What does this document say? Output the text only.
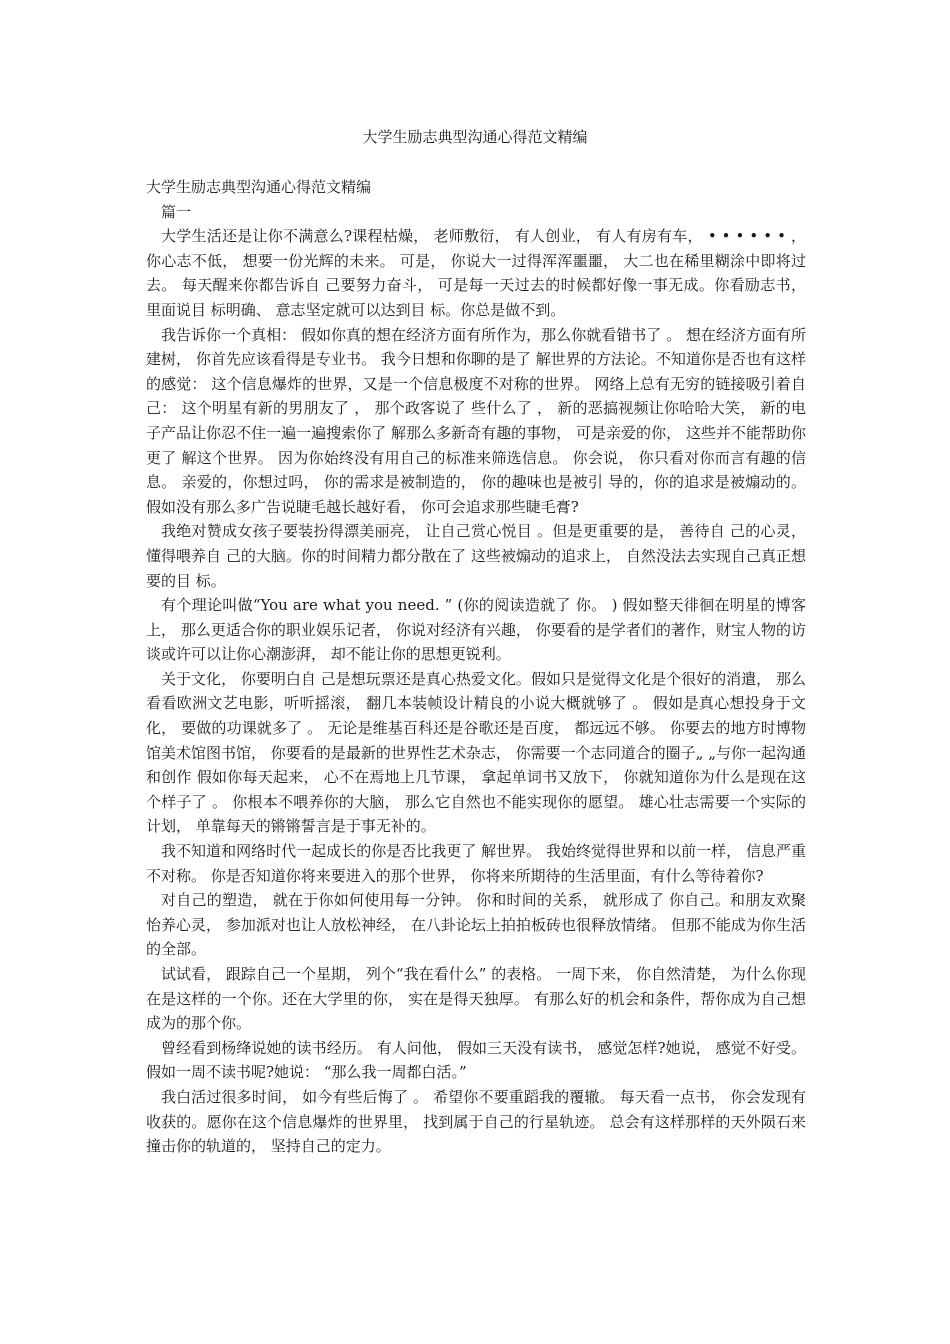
大学生励志典型沟通心得范文精编

大学生励志典型沟通心得范文精编

篇一

大学生活还是让你不满意么?课程枯燥， 老师敷衍， 有人创业， 有人有房有车， • • • • • • ，你心志不低， 想要一份光辉的未来。 可是， 你说大一过得浑浑噩噩， 大二也在稀里糊涂中即将过去。 每天醒来你都告诉自 己要努力奋斗， 可是每一天过去的时候都好像一事无成。你看励志书， 里面说目 标明确、 意志坚定就可以达到目 标。你总是做不到。

我告诉你一个真相： 假如你真的想在经济方面有所作为，那么你就看错书了 。 想在经济方面有所建树， 你首先应该看得是专业书。 我今日想和你聊的是了 解世界的方法论。不知道你是否也有这样的感觉： 这个信息爆炸的世界，又是一个信息极度不对称的世界。 网络上总有无穷的链接吸引着自己： 这个明星有新的男朋友了 ， 那个政客说了 些什么了 ， 新的恶搞视频让你哈哈大笑， 新的电子产品让你忍不住一遍一遍搜索你了 解那么多新奇有趣的事物， 可是亲爱的你， 这些并不能帮助你更了 解这个世界。 因为你始终没有用自己的标准来筛选信息。 你会说， 你只看对你而言有趣的信息。 亲爱的，你想过吗， 你的需求是被制造的， 你的趣味也是被引 导的，你的追求是被煽动的。 假如没有那么多广告说睫毛越长越好看， 你可会追求那些睫毛膏?

我绝对赞成女孩子要装扮得漂美丽亮， 让自己赏心悦目 。但是更重要的是， 善待自 己的心灵， 懂得喂养自 己的大脑。你的时间精力都分散在了 这些被煽动的追求上， 自然没法去实现自己真正想要的目 标。

有个理论叫做“You are what you need. ” (你的阅读造就了 你。 ) 假如整天徘徊在明星的博客上， 那么更适合你的职业娱乐记者， 你说对经济有兴趣， 你要看的是学者们的著作，财宝人物的访谈或许可以让你心潮澎湃， 却不能让你的思想更锐利。

关于文化， 你要明白自 己是想玩票还是真心热爱文化。假如只是觉得文化是个很好的消遣， 那么看看欧洲文艺电影，听听摇滚， 翻几本装帧设计精良的小说大概就够了 。 假如是真心想投身于文化， 要做的功课就多了 。 无论是维基百科还是谷歌还是百度， 都远远不够。 你要去的地方时博物馆美术馆图书馆， 你要看的是最新的世界性艺术杂志， 你需要一个志同道合的圈子„ „与你一起沟通和创作 假如你每天起来， 心不在焉地上几节课， 拿起单词书又放下， 你就知道你为什么是现在这个样子了 。 你根本不喂养你的大脑， 那么它自然也不能实现你的愿望。 雄心壮志需要一个实际的计划， 单靠每天的锵锵誓言是于事无补的。

我不知道和网络时代一起成长的你是否比我更了 解世界。 我始终觉得世界和以前一样， 信息严重不对称。 你是否知道你将来要进入的那个世界， 你将来所期待的生活里面，有什么等待着你?

对自己的塑造， 就在于你如何使用每一分钟。 你和时间的关系， 就形成了 你自己。和朋友欢聚怡养心灵， 参加派对也让人放松神经， 在八卦论坛上拍拍板砖也很释放情绪。 但那不能成为你生活的全部。

试试看， 跟踪自己一个星期， 列个“我在看什么” 的表格。 一周下来， 你自然清楚， 为什么你现在是这样的一个你。还在大学里的你， 实在是得天独厚。 有那么好的机会和条件，帮你成为自己想成为的那个你。

曾经看到杨绛说她的读书经历。 有人问他， 假如三天没有读书， 感觉怎样?她说， 感觉不好受。 假如一周不读书呢?她说： “那么我一周都白活。”

我白活过很多时间， 如今有些后悔了 。 希望你不要重蹈我的覆辙。 每天看一点书， 你会发现有收获的。愿你在这个信息爆炸的世界里， 找到属于自己的行星轨迹。 总会有这样那样的天外陨石来撞击你的轨道的， 坚持自己的定力。
